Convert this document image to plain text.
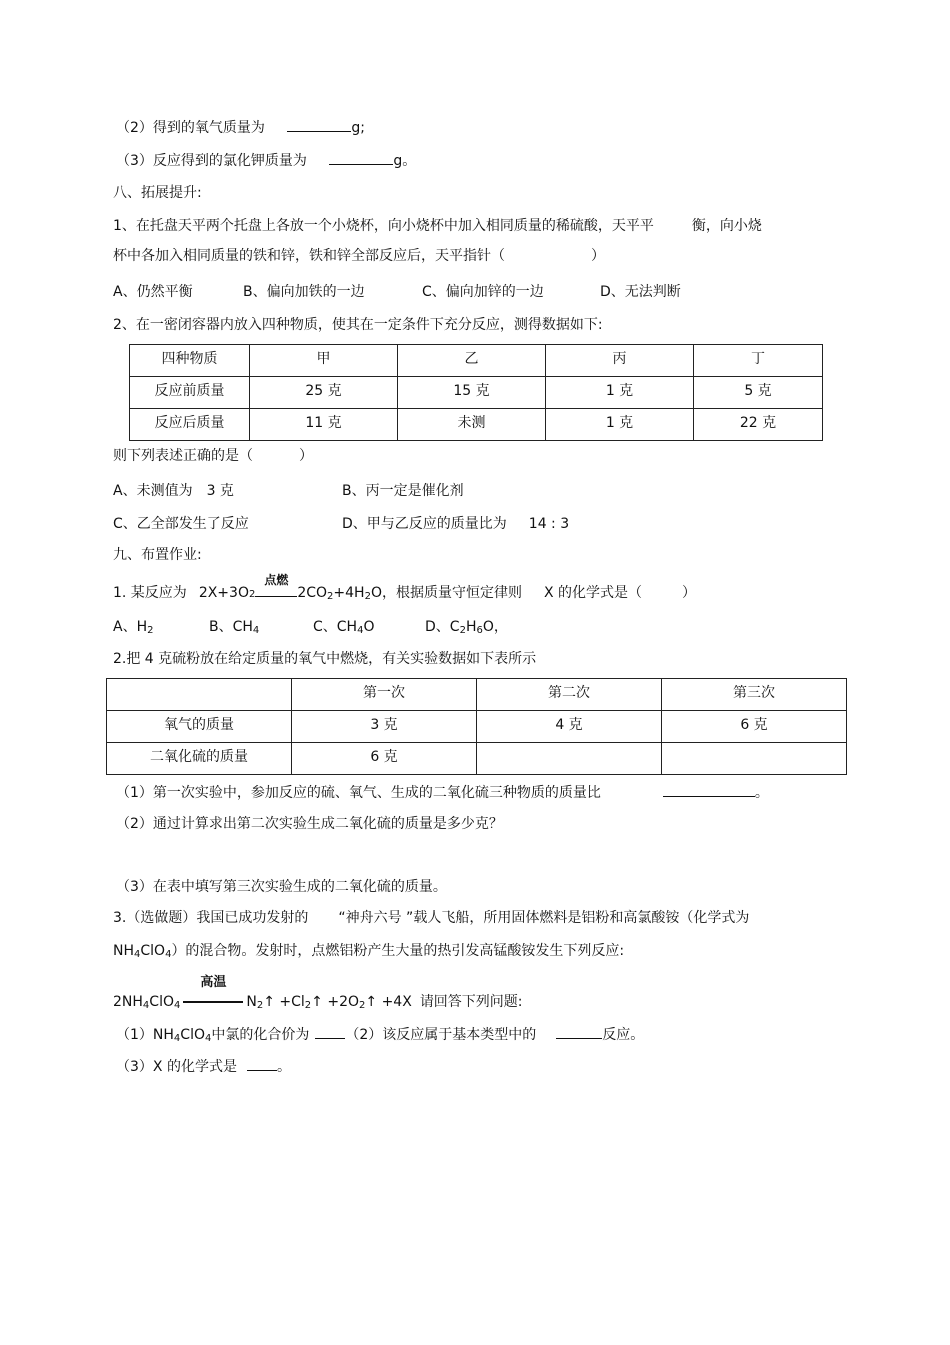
（2）得到的氧气质量为	g;
（3）反应得到的氯化钾质量为	g。
八、拓展提升:
1、在托盘天平两个托盘上各放一个小烧杯，向小烧杯中加入相同质量的稀硫酸，天平平	衡，向小烧
杯中各加入相同质量的铁和锌，铁和锌全部反应后，天平指针（	）
A、仍然平衡	B、偏向加铁的一边	C、偏向加锌的一边	D、无法判断
2、在一密闭容器内放入四种物质，使其在一定条件下充分反应，测得数据如下:
四种物质	甲	乙	丙	丁
反应前质量	25 克	15 克	1 克	5 克
反应后质量	11 克	未测	1 克	22 克
则下列表述正确的是（	）
A、未测值为 3 克	B、丙一定是催化剂
C、乙全部发生了反应	D、甲与乙反应的质量比为 14 : 3
九、布置作业:
1. 某反应为 2X+3O2
点燃
$2CO_2+4H_2O$，根据质量守恒定律则 X 的化学式是（	）
A、$H_2$	B、$CH_4$	C、$CH_4O$	D、$C_2H_6O$，
2.把 4 克硫粉放在给定质量的氧气中燃烧，有关实验数据如下表所示
	第一次	第二次	第三次
氧气的质量	3 克	4 克	6 克
二氧化硫的质量	6 克		
（1）第一次实验中，参加反应的硫、氧气、生成的二氧化硫三种物质的质量比	。
（2）通过计算求出第二次实验生成二氧化硫的质量是多少克？
（3）在表中填写第三次实验生成的二氧化硫的质量。
3.（选做题）我国已成功发射的 “神舟六号 ”载人飞船，所用固体燃料是铝粉和高氯酸铵（化学式为
$NH_4ClO_4$）的混合物。发射时，点燃铝粉产生大量的热引发高锰酸铵发生下列反应:
$2NH_4ClO_4$
高温
$N_2↑$ $+Cl_2↑$ $+2O_2↑ +4X$ 请回答下列问题:
$(1)NH_4ClO_4$中氯的化合价为	（2）该反应属于基本类型中的	反应。
（3）X 的化学式是	。
